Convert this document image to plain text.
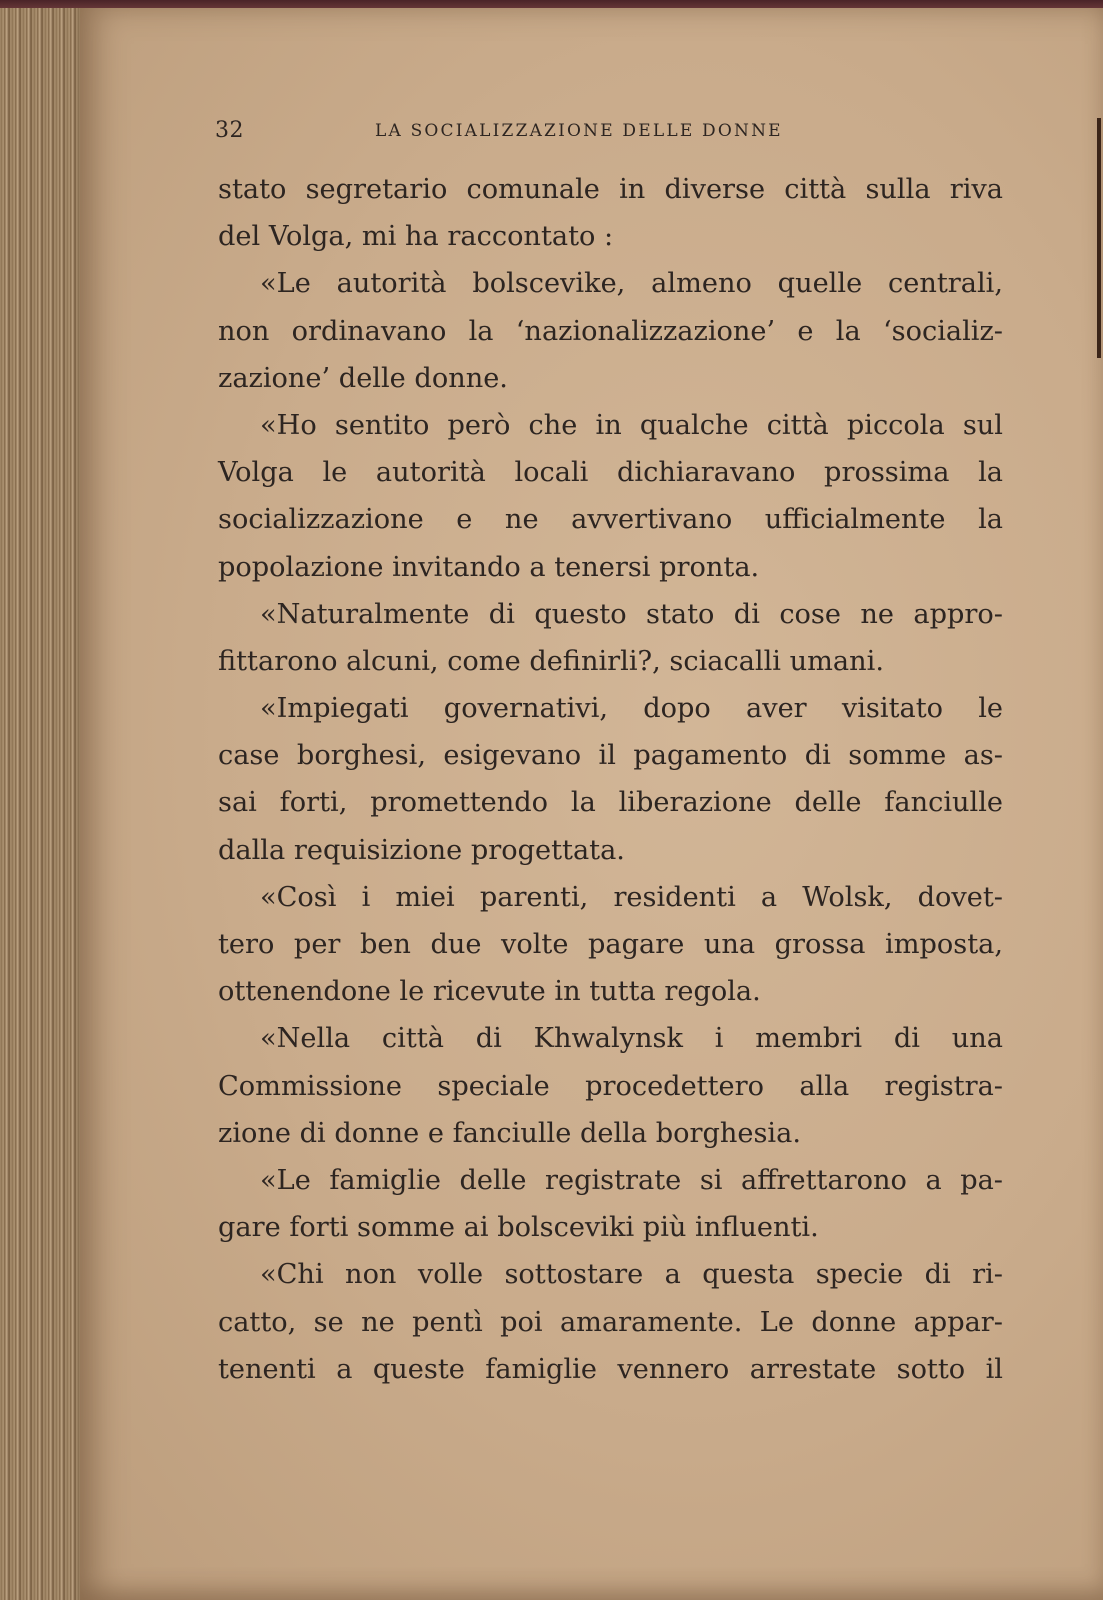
32	LA SOCIALIZZAZIONE DELLE DONNE
stato segretario comunale in diverse città sulla riva
del Volga, mi ha raccontato :
«Le autorità bolscevike, almeno quelle centrali,
non ordinavano la ‘nazionalizzazione’ e la ‘socializ-
zazione’ delle donne.
«Ho sentito però che in qualche città piccola sul
Volga le autorità locali dichiaravano prossima la
socializzazione e ne avvertivano ufficialmente la
popolazione invitando a tenersi pronta.
«Naturalmente di questo stato di cose ne appro-
fittarono alcuni, come definirli?, sciacalli umani.
«Impiegati governativi, dopo aver visitato le
case borghesi, esigevano il pagamento di somme as-
sai forti, promettendo la liberazione delle fanciulle
dalla requisizione progettata.
«Così i miei parenti, residenti a Wolsk, dovet-
tero per ben due volte pagare una grossa imposta,
ottenendone le ricevute in tutta regola.
«Nella città di Khwalynsk i membri di una
Commissione speciale procedettero alla registra-
zione di donne e fanciulle della borghesia.
«Le famiglie delle registrate si affrettarono a pa-
gare forti somme ai bolsceviki più influenti.
«Chi non volle sottostare a questa specie di ri-
catto, se ne pentì poi amaramente. Le donne appar-
tenenti a queste famiglie vennero arrestate sotto il
